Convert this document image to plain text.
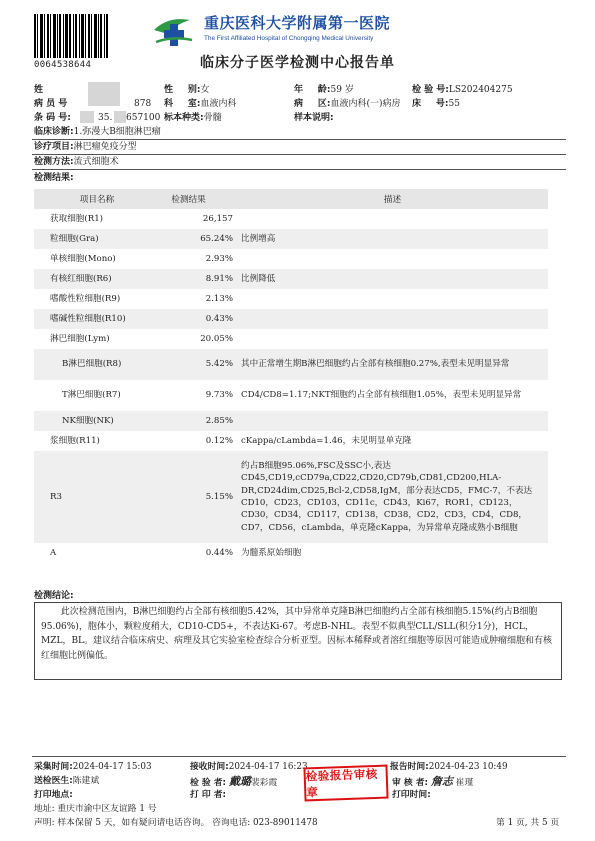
0064538644
重庆医科大学附属第一医院
The First Affiliated Hospital of Chongqing Medical University
临床分子医学检测中心报告单
姓	性 别:女	年 龄:59 岁	检 验 号:LS202404275
病 员 号	878 科 室:血液内科	病 区:血液内科(一)病房 床 号:55
条 码 号:	35. 657100 标本种类:骨髓	样本说明:
临床诊断:1.弥漫大B细胞淋巴瘤
诊疗项目:淋巴瘤免疫分型
检测方法:流式细胞术
检测结果:
项目名称	检测结果	描述
获取细胞(R1)	26,157	
粒细胞(Gra)	65.24%	比例增高
单核细胞(Mono)	2.93%	
有核红细胞(R6)	8.91%	比例降低
嗜酸性粒细胞(R9)	2.13%	
嗜碱性粒细胞(R10)	0.43%	
淋巴细胞(Lym)	20.05%	
B淋巴细胞(R8)	5.42%	其中正常增生期B淋巴细胞约占全部有核细胞0.27%,表型未见明显异常
T淋巴细胞(R7)	9.73%	CD4/CD8=1.17;NKT细胞约占全部有核细胞1.05%，表型未见明显异常
NK细胞(NK)	2.85%	
浆细胞(R11)	0.12%	cKappa/cLambda=1.46，未见明显单克隆
R3	5.15%	约占B细胞95.06%,FSC及SSC小,表达CD45,CD19,cCD79a,CD22,CD20,CD79b,CD81,CD200,HLA-DR,CD24dim,CD25,Bcl-2,CD58,IgM，部分表达CD5，FMC-7，不表达CD10，CD23，CD103，CD11c，CD43，Ki67，ROR1，CD123，CD30，CD34，CD117，CD138，CD38，CD2，CD3，CD4，CD8，CD7，CD56，cLambda，单克隆cKappa，为异常单克隆成熟小B细胞
A	0.44%	为髓系原始细胞
检测结论:
此次检测范围内，B淋巴细胞约占全部有核细胞5.42%，其中异常单克隆B淋巴细胞约占全部有核细胞5.15%(约占B细胞95.06%)，胞体小，颗粒度稍大，CD10-CD5+，不表达Ki-67。考虑B-NHL。表型不似典型CLL/SLL(积分1分)，HCL，MZL，BL。建议结合临床病史、病理及其它实验室检查综合分析亚型。因标本稀释或者溶红细胞等原因可能造成肿瘤细胞和有核红细胞比例偏低。
采集时间:2024-04-17 15:03	接收时间:2024-04-17 16:23	报告时间:2024-04-23 10:49
送检医生:陈建斌	检 验 者: 戴璐裴彩霞 检验报告审核章
审 核 者: 詹志 崔瑾
打印地点:	打 印 者:	打印时间:
地址: 重庆市渝中区友谊路 1 号
声明: 样本保留 5 天，如有疑问请电话咨询。 咨询电话: 023-89011478	第 1 页, 共 5 页
